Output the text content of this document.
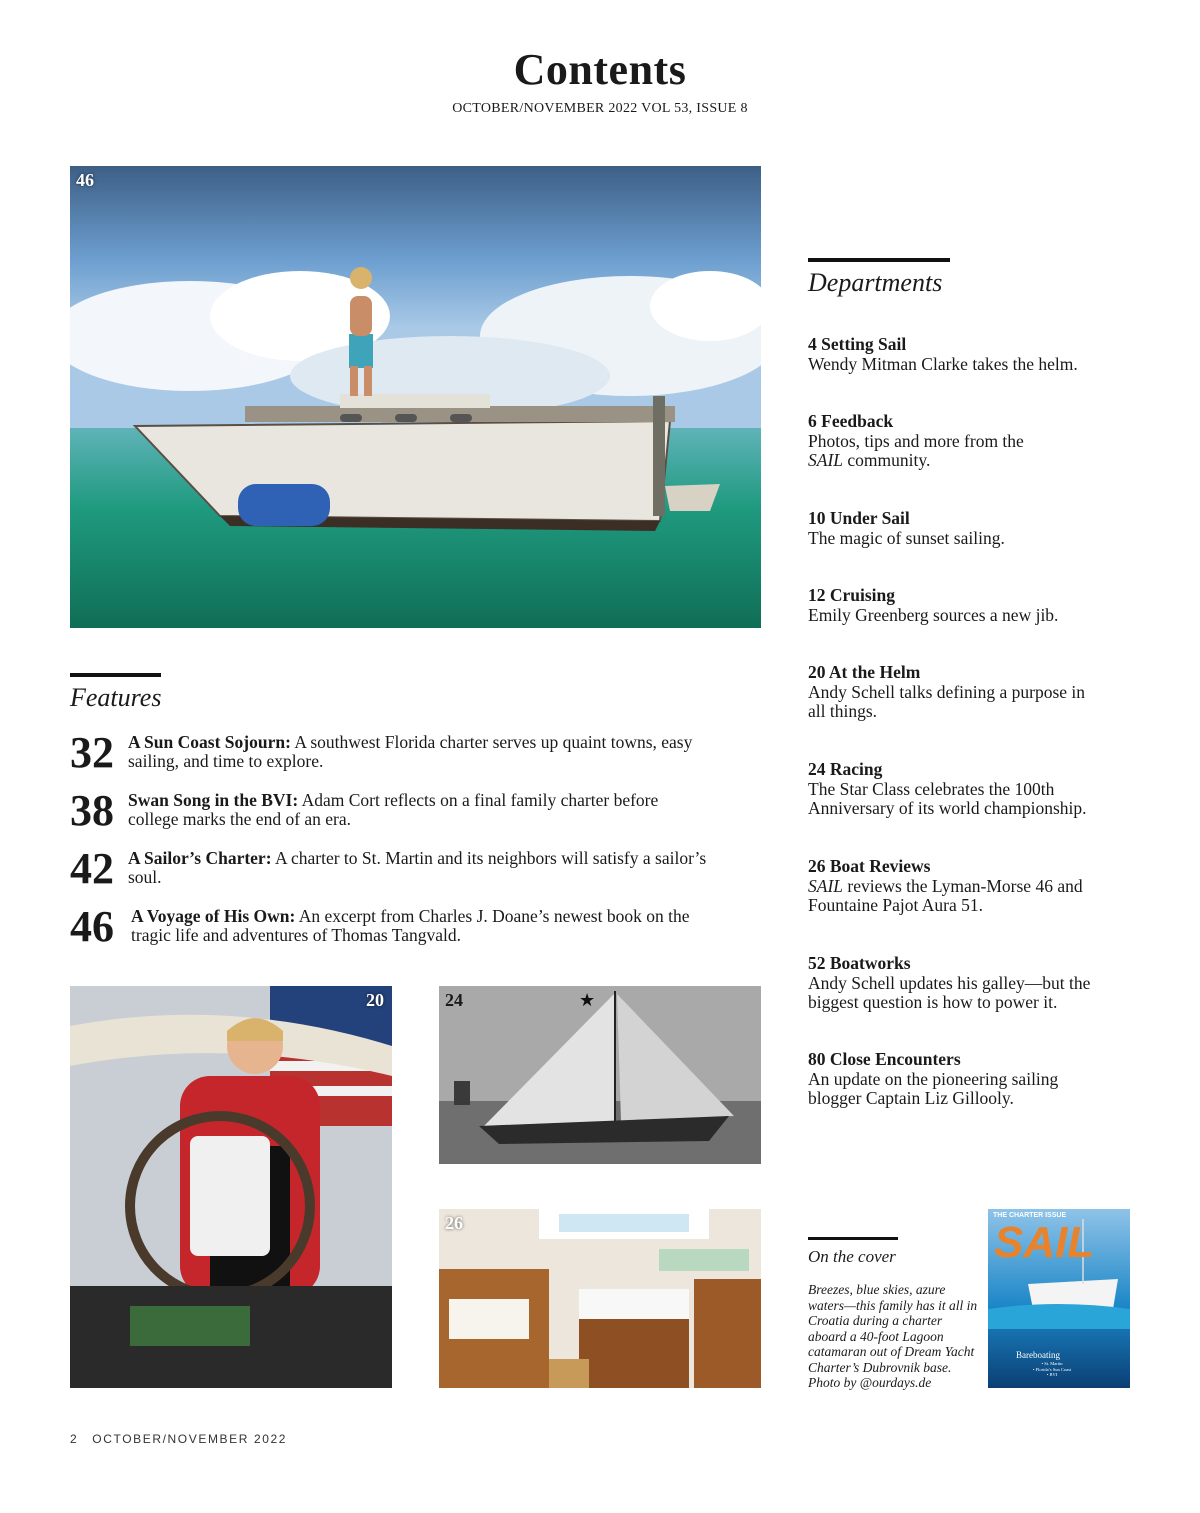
Contents
OCTOBER/NOVEMBER 2022 VOL 53, ISSUE 8
46
Features
32 A Sun Coast Sojourn: A southwest Florida charter serves up quaint towns, easy sailing, and time to explore.
38 Swan Song in the BVI: Adam Cort reflects on a final family charter before college marks the end of an era.
42 A Sailor’s Charter: A charter to St. Martin and its neighbors will satisfy a sailor’s soul.
46 A Voyage of His Own: An excerpt from Charles J. Doane’s newest book on the tragic life and adventures of Thomas Tangvald.
20	★
24
26
Departments
4 Setting Sail
Wendy Mitman Clarke takes the helm.
6 Feedback
Photos, tips and more from the
SAIL community.
10 Under Sail
The magic of sunset sailing.
12 Cruising
Emily Greenberg sources a new jib.
20 At the Helm
Andy Schell talks defining a purpose in all things.
24 Racing
The Star Class celebrates the 100th Anniversary of its world championship.
26 Boat Reviews
SAIL reviews the Lyman-Morse 46 and Fountaine Pajot Aura 51.
52 Boatworks
Andy Schell updates his galley—but the biggest question is how to power it.
80 Close Encounters
An update on the pioneering sailing blogger Captain Liz Gillooly.
On the cover
Breezes, blue skies, azure waters—this family has it all in Croatia during a charter aboard a 40-foot Lagoon catamaran out of Dream Yacht Charter’s Dubrovnik base. Photo by @ourdays.de
THE CHARTER ISSUE
SAIL
Bareboating
• St. Martin
• Florida’s Sun Coast
• BVI
2 OCTOBER/NOVEMBER 2022
